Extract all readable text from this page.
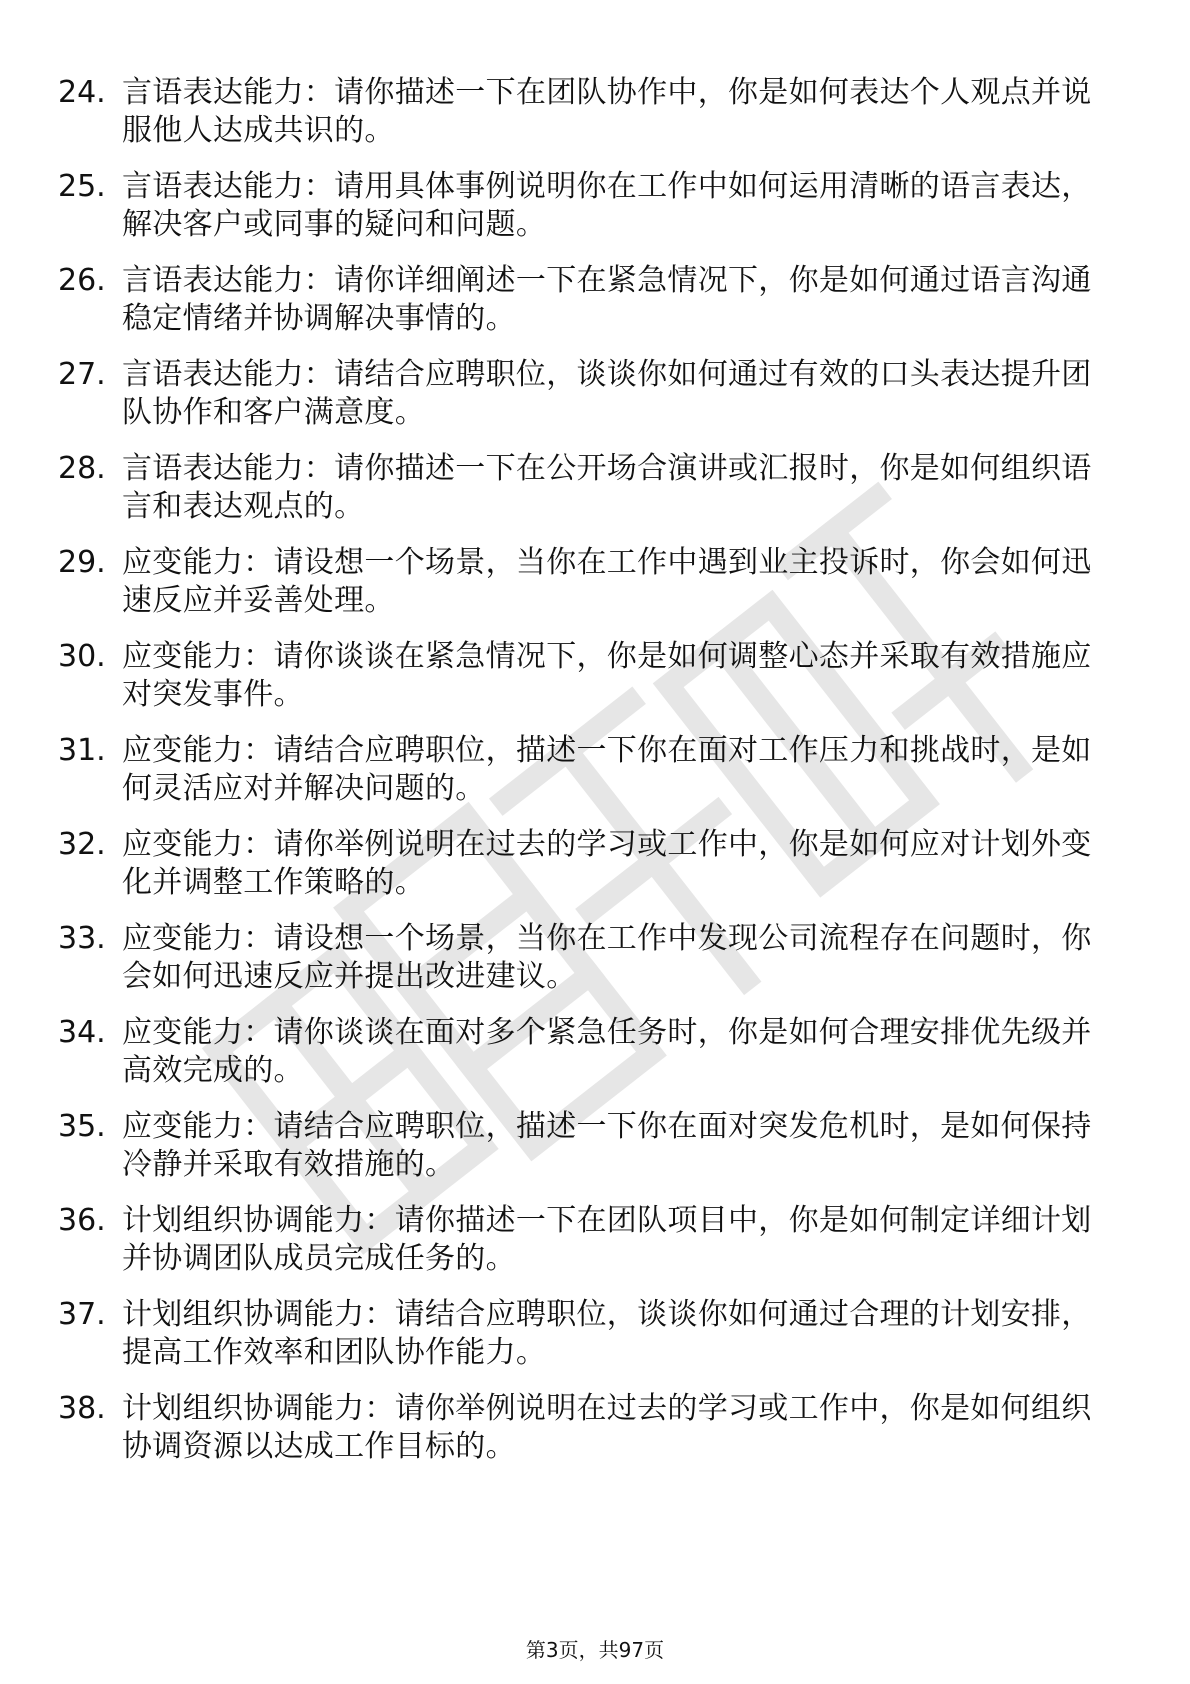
24. 言语表达能力：请你描述一下在团队协作中，你是如何表达个人观点并说服他人达成共识的。
25. 言语表达能力：请用具体事例说明你在工作中如何运用清晰的语言表达，解决客户或同事的疑问和问题。
26. 言语表达能力：请你详细阐述一下在紧急情况下，你是如何通过语言沟通稳定情绪并协调解决事情的。
27. 言语表达能力：请结合应聘职位，谈谈你如何通过有效的口头表达提升团队协作和客户满意度。
28. 言语表达能力：请你描述一下在公开场合演讲或汇报时，你是如何组织语言和表达观点的。
29. 应变能力：请设想一个场景，当你在工作中遇到业主投诉时，你会如何迅速反应并妥善处理。
30. 应变能力：请你谈谈在紧急情况下，你是如何调整心态并采取有效措施应对突发事件。
31. 应变能力：请结合应聘职位，描述一下你在面对工作压力和挑战时，是如何灵活应对并解决问题的。
32. 应变能力：请你举例说明在过去的学习或工作中，你是如何应对计划外变化并调整工作策略的。
33. 应变能力：请设想一个场景，当你在工作中发现公司流程存在问题时，你会如何迅速反应并提出改进建议。
34. 应变能力：请你谈谈在面对多个紧急任务时，你是如何合理安排优先级并高效完成的。
35. 应变能力：请结合应聘职位，描述一下你在面对突发危机时，是如何保持冷静并采取有效措施的。
36. 计划组织协调能力：请你描述一下在团队项目中，你是如何制定详细计划并协调团队成员完成任务的。
37. 计划组织协调能力：请结合应聘职位，谈谈你如何通过合理的计划安排，提高工作效率和团队协作能力。
38. 计划组织协调能力：请你举例说明在过去的学习或工作中，你是如何组织协调资源以达成工作目标的。
第3页，共97页
